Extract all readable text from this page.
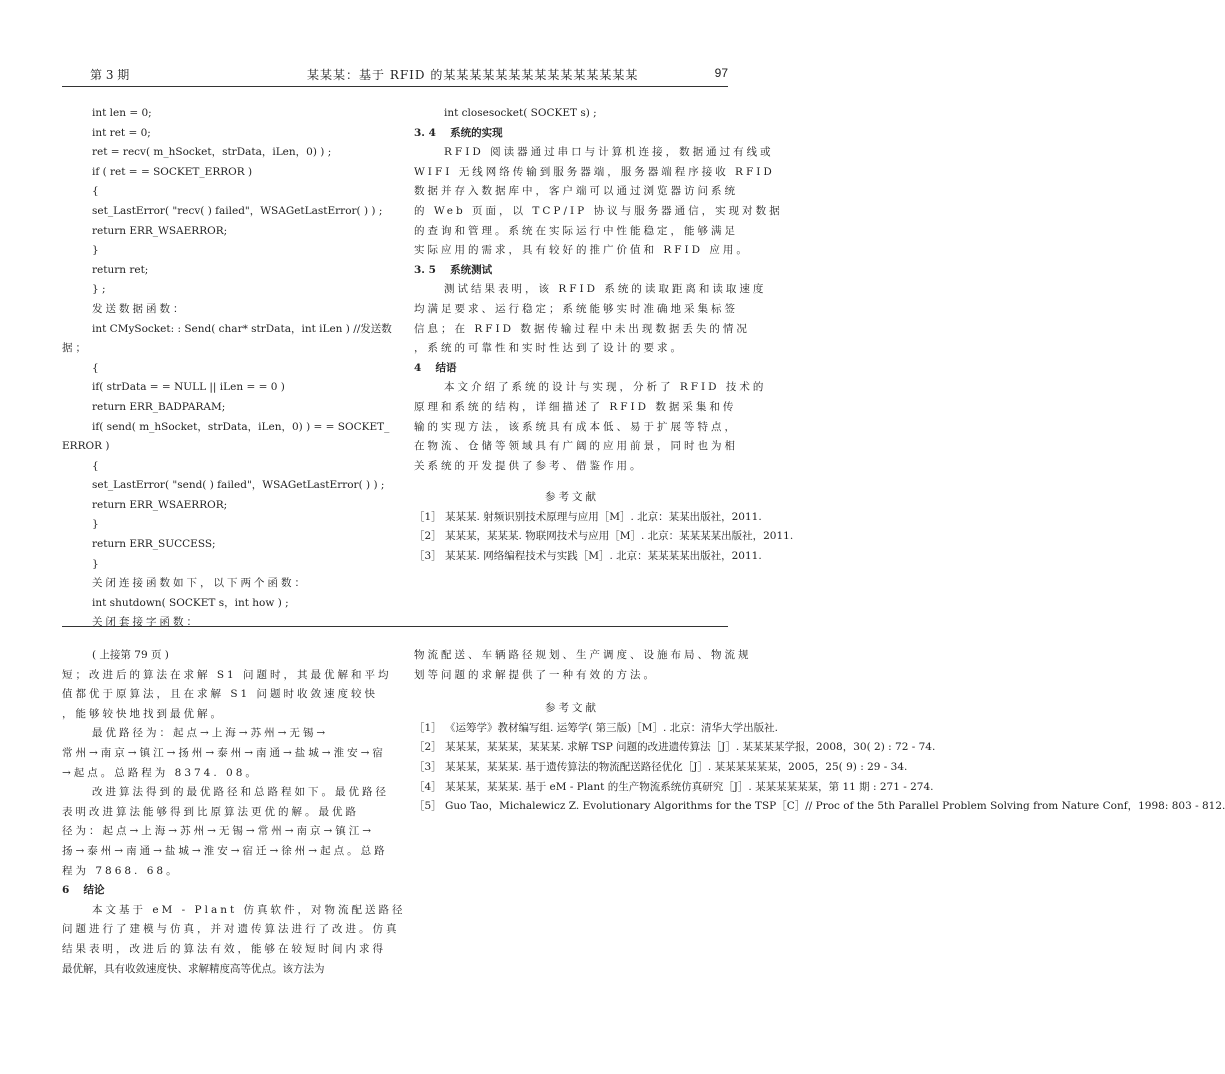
第 3 期	某某某：基于 RFID 的某某某某某某某某某某某某某某某	97
int len = 0;
int ret = 0;
ret = recv( m_hSocket，strData，iLen，0) ) ;
if ( ret = = SOCKET_ERROR )
{
set_LastError( "recv( ) failed"，WSAGetLastError( ) ) ;
return ERR_WSAERROR;
}
return ret;
} ;
发送数据函数：
int CMySocket: : Send( char* strData，int iLen ) //发送数
据；
{
if( strData = = NULL || iLen = = 0 )
return ERR_BADPARAM;
if( send( m_hSocket，strData，iLen，0) ) = = SOCKET_
ERROR )
{
set_LastError( "send( ) failed"，WSAGetLastError( ) ) ;
return ERR_WSAERROR;
}
return ERR_SUCCESS;
}
关闭连接函数如下，以下两个函数：
int shutdown( SOCKET s，int how ) ;
关闭套接字函数：
int closesocket( SOCKET s) ;
3. 4 　系统的实现
RFID 阅读器通过串口与计算机连接，数据通过有线或
WIFI 无线网络传输到服务器端，服务器端程序接收 RFID
数据并存入数据库中，客户端可以通过浏览器访问系统
的 Web 页面，以 TCP/IP 协议与服务器通信，实现对数据
的查询和管理。系统在实际运行中性能稳定，能够满足
实际应用的需求，具有较好的推广价值和 RFID 应用。
3. 5 　系统测试
测试结果表明，该 RFID 系统的读取距离和读取速度
均满足要求、运行稳定；系统能够实时准确地采集标签
信息；在 RFID 数据传输过程中未出现数据丢失的情况
，系统的可靠性和实时性达到了设计的要求。
4 　结语
本文介绍了系统的设计与实现，分析了 RFID 技术的
原理和系统的结构，详细描述了 RFID 数据采集和传
输的实现方法，该系统具有成本低、易于扩展等特点，
在物流、仓储等领域具有广阔的应用前景，同时也为相
关系统的开发提供了参考、借鉴作用。
参考文献
［1］ 某某某. 射频识别技术原理与应用［M］. 北京：某某出版社，2011.
［2］ 某某某，某某某. 物联网技术与应用［M］. 北京：某某某某出版社，2011.
［3］ 某某某. 网络编程技术与实践［M］. 北京：某某某某出版社，2011.
( 上接第 79 页 )
短；改进后的算法在求解 S1 问题时，其最优解和平均
值都优于原算法，且在求解 S1 问题时收敛速度较快
，能够较快地找到最优解。
最优路径为：起点→上海→苏州→无锡→
常州→南京→镇江→扬州→泰州→南通→盐城→淮安→宿
→起点。总路程为 8374. 08。
改进算法得到的最优路径和总路程如下。最优路径
表明改进算法能够得到比原算法更优的解。最优路
径为：起点→上海→苏州→无锡→常州→南京→镇江→
扬→泰州→南通→盐城→淮安→宿迁→徐州→起点。总路
程为 7868. 68。
6 　结论
本文基于 eM - Plant 仿真软件，对物流配送路径
问题进行了建模与仿真，并对遗传算法进行了改进。仿真
结果表明，改进后的算法有效，能够在较短时间内求得
最优解，具有收敛速度快、求解精度高等优点。该方法为
物流配送、车辆路径规划、生产调度、设施布局、物流规
划等问题的求解提供了一种有效的方法。
参考文献
［1］ 《运筹学》教材编写组. 运筹学( 第三版)［M］. 北京：清华大学出版社.
［2］ 某某某，某某某，某某某. 求解 TSP 问题的改进遗传算法［J］. 某某某某学报，2008，30( 2) : 72 - 74.
［3］ 某某某，某某某. 基于遗传算法的物流配送路径优化［J］. 某某某某某某，2005，25( 9) : 29 - 34.
［4］ 某某某，某某某. 基于 eM - Plant 的生产物流系统仿真研究［J］. 某某某某某某，第 11 期 : 271 - 274.
［5］ Guo Tao，Michalewicz Z. Evolutionary Algorithms for the TSP［C］// Proc of the 5th Parallel Problem Solving from Nature Conf，1998: 803 - 812.
